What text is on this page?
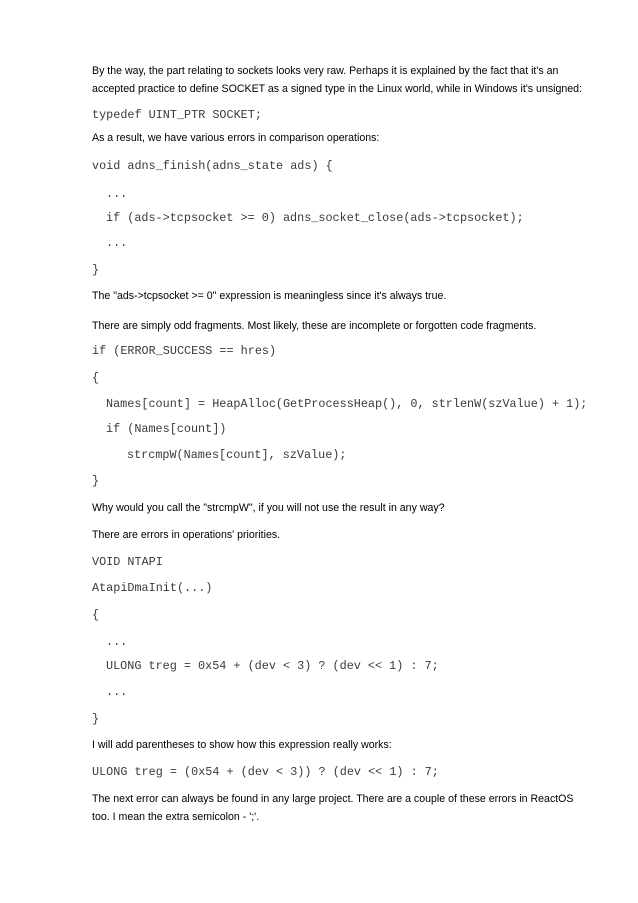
By the way, the part relating to sockets looks very raw. Perhaps it is explained by the fact that it's an

accepted practice to define SOCKET as a signed type in the Linux world, while in Windows it's unsigned:

typedef UINT_PTR SOCKET;

As a result, we have various errors in comparison operations:

void adns_finish(adns_state ads) {
...
if (ads->tcpsocket >= 0) adns_socket_close(ads->tcpsocket);
...
}

The "ads->tcpsocket >= 0" expression is meaningless since it's always true.

There are simply odd fragments. Most likely, these are incomplete or forgotten code fragments.

if (ERROR_SUCCESS == hres)
{
Names[count] = HeapAlloc(GetProcessHeap(), 0, strlenW(szValue) + 1);
if (Names[count])
strcmpW(Names[count], szValue);
}

Why would you call the "strcmpW", if you will not use the result in any way?

There are errors in operations' priorities.

VOID NTAPI
AtapiDmaInit(...)
{
...
ULONG treg = 0x54 + (dev < 3) ? (dev << 1) : 7;
...
}

I will add parentheses to show how this expression really works:

ULONG treg = (0x54 + (dev < 3)) ? (dev << 1) : 7;

The next error can always be found in any large project. There are a couple of these errors in ReactOS

too. I mean the extra semicolon - ';'.
